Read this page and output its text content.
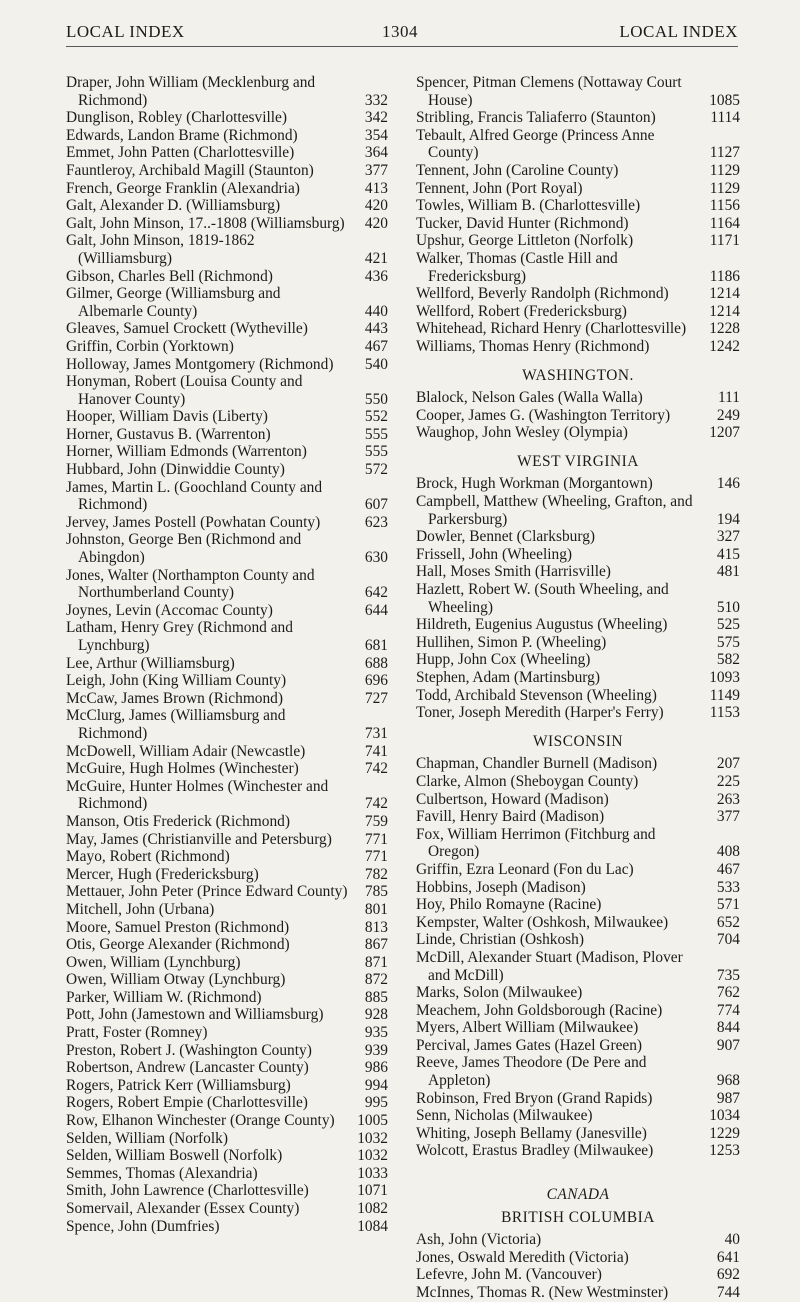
LOCAL INDEX	1304	LOCAL INDEX
Draper, John William (Mecklenburg and Richmond)	332
Dunglison, Robley (Charlottesville)	342
Edwards, Landon Brame (Richmond)	354
Emmet, John Patten (Charlottesville)	364
Fauntleroy, Archibald Magill (Staunton)	377
French, George Franklin (Alexandria)	413
Galt, Alexander D. (Williamsburg)	420
Galt, John Minson, 17..-1808 (Williamsburg) 420
Galt, John Minson, 1819-1862 (Williamsburg)	421
Gibson, Charles Bell (Richmond)	436
Gilmer, George (Williamsburg and Albemarle County)	440
Gleaves, Samuel Crockett (Wytheville)	443
Griffin, Corbin (Yorktown)	467
Holloway, James Montgomery (Richmond) 540
Honyman, Robert (Louisa County and Hanover County)	550
Hooper, William Davis (Liberty)	552
Horner, Gustavus B. (Warrenton)	555
Horner, William Edmonds (Warrenton)	555
Hubbard, John (Dinwiddie County)	572
James, Martin L. (Goochland County and Richmond)	607
Jervey, James Postell (Powhatan County)	623
Johnston, George Ben (Richmond and Abingdon)	630
Jones, Walter (Northampton County and Northumberland County)	642
Joynes, Levin (Accomac County)	644
Latham, Henry Grey (Richmond and Lynchburg)	681
Lee, Arthur (Williamsburg)	688
Leigh, John (King William County)	696
McCaw, James Brown (Richmond)	727
McClurg, James (Williamsburg and Richmond)	731
McDowell, William Adair (Newcastle)	741
McGuire, Hugh Holmes (Winchester)	742
McGuire, Hunter Holmes (Winchester and Richmond)	742
Manson, Otis Frederick (Richmond)	759
May, James (Christianville and Petersburg) 771
Mayo, Robert (Richmond)	771
Mercer, Hugh (Fredericksburg)	782
Mettauer, John Peter (Prince Edward County) 785
Mitchell, John (Urbana)	801
Moore, Samuel Preston (Richmond)	813
Otis, George Alexander (Richmond)	867
Owen, William (Lynchburg)	871
Owen, William Otway (Lynchburg)	872
Parker, William W. (Richmond)	885
Pott, John (Jamestown and Williamsburg)	928
Pratt, Foster (Romney)	935
Preston, Robert J. (Washington County)	939
Robertson, Andrew (Lancaster County)	986
Rogers, Patrick Kerr (Williamsburg)	994
Rogers, Robert Empie (Charlottesville)	995
Row, Elhanon Winchester (Orange County) 1005
Selden, William (Norfolk)	1032
Selden, William Boswell (Norfolk)	1032
Semmes, Thomas (Alexandria)	1033
Smith, John Lawrence (Charlottesville)	1071
Somervail, Alexander (Essex County)	1082
Spence, John (Dumfries)	1084
Spencer, Pitman Clemens (Nottaway Court House)	1085
Stribling, Francis Taliaferro (Staunton)	1114
Tebault, Alfred George (Princess Anne County)	1127
Tennent, John (Caroline County)	1129
Tennent, John (Port Royal)	1129
Towles, William B. (Charlottesville)	1156
Tucker, David Hunter (Richmond)	1164
Upshur, George Littleton (Norfolk)	1171
Walker, Thomas (Castle Hill and Fredericksburg)	1186
Wellford, Beverly Randolph (Richmond)	1214
Wellford, Robert (Fredericksburg)	1214
Whitehead, Richard Henry (Charlottesville) 1228
Williams, Thomas Henry (Richmond)	1242
WASHINGTON.
Blalock, Nelson Gales (Walla Walla)	111
Cooper, James G. (Washington Territory)	249
Waughop, John Wesley (Olympia)	1207
WEST VIRGINIA
Brock, Hugh Workman (Morgantown)	146
Campbell, Matthew (Wheeling, Grafton, and Parkersburg)	194
Dowler, Bennet (Clarksburg)	327
Frissell, John (Wheeling)	415
Hall, Moses Smith (Harrisville)	481
Hazlett, Robert W. (South Wheeling, and Wheeling)	510
Hildreth, Eugenius Augustus (Wheeling)	525
Hullihen, Simon P. (Wheeling)	575
Hupp, John Cox (Wheeling)	582
Stephen, Adam (Martinsburg)	1093
Todd, Archibald Stevenson (Wheeling)	1149
Toner, Joseph Meredith (Harper's Ferry)	1153
WISCONSIN
Chapman, Chandler Burnell (Madison)	207
Clarke, Almon (Sheboygan County)	225
Culbertson, Howard (Madison)	263
Favill, Henry Baird (Madison)	377
Fox, William Herrimon (Fitchburg and Oregon)	408
Griffin, Ezra Leonard (Fon du Lac)	467
Hobbins, Joseph (Madison)	533
Hoy, Philo Romayne (Racine)	571
Kempster, Walter (Oshkosh, Milwaukee)	652
Linde, Christian (Oshkosh)	704
McDill, Alexander Stuart (Madison, Plover and McDill)	735
Marks, Solon (Milwaukee)	762
Meachem, John Goldsborough (Racine)	774
Myers, Albert William (Milwaukee)	844
Percival, James Gates (Hazel Green)	907
Reeve, James Theodore (De Pere and Appleton)	968
Robinson, Fred Bryon (Grand Rapids)	987
Senn, Nicholas (Milwaukee)	1034
Whiting, Joseph Bellamy (Janesville)	1229
Wolcott, Erastus Bradley (Milwaukee)	1253
CANADA
BRITISH COLUMBIA
Ash, John (Victoria)	40
Jones, Oswald Meredith (Victoria)	641
Lefevre, John M. (Vancouver)	692
McInnes, Thomas R. (New Westminster)	744
